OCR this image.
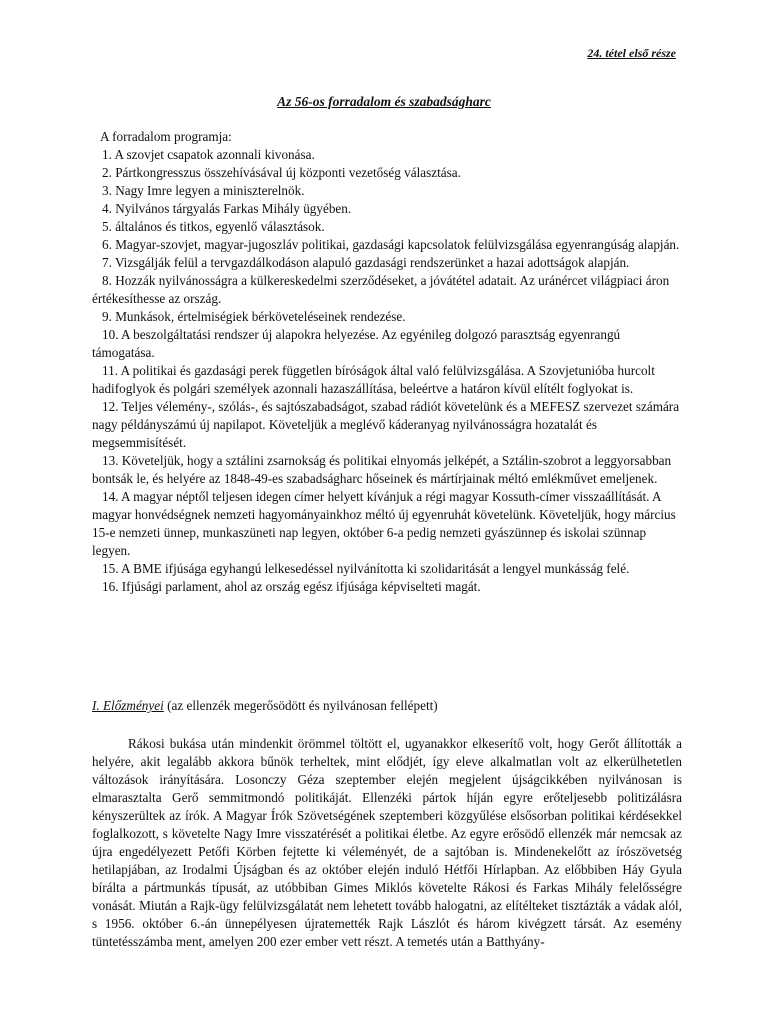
24. tétel első része
Az 56-os forradalom és szabadságharc
A forradalom programja:
1. A szovjet csapatok azonnali kivonása.
2. Pártkongresszus összehívásával új központi vezetőség választása.
3. Nagy Imre legyen a miniszterelnök.
4. Nyilvános tárgyalás Farkas Mihály ügyében.
5. általános és titkos, egyenlő választások.
6. Magyar-szovjet, magyar-jugoszláv politikai, gazdasági kapcsolatok felülvizsgálása egyenrangúság alapján.
7. Vizsgálják felül a tervgazdálkodáson alapuló gazdasági rendszerünket a hazai adottságok alapján.
8. Hozzák nyilvánosságra a külkereskedelmi szerződéseket, a jóvátétel adatait. Az uránércet világpiaci áron értékesíthesse az ország.
9. Munkások, értelmiségiek bérköveteléseinek rendezése.
10. A beszolgáltatási rendszer új alapokra helyezése. Az egyénileg dolgozó parasztság egyenrangú támogatása.
11. A politikai és gazdasági perek független bíróságok által való felülvizsgálása. A Szovjetunióba hurcolt hadifoglyok és polgári személyek azonnali hazaszállítása, beleértve a határon kívül elítélt foglyokat is.
12. Teljes vélemény-, szólás-, és sajtószabadságot, szabad rádiót követelünk és a MEFESZ szervezet számára nagy példányszámú új napilapot. Követeljük a meglévő káderanyag nyilvánosságra hozatalát és megsemmisítését.
13. Követeljük, hogy a sztálini zsarnokság és politikai elnyomás jelképét, a Sztálin-szobrot a leggyorsabban bontsák le, és helyére az 1848-49-es szabadságharc hőseinek és mártírjainak méltó emlékművet emeljenek.
14. A magyar néptől teljesen idegen címer helyett kívánjuk a régi magyar Kossuth-címer visszaállítását. A magyar honvédségnek nemzeti hagyományainkhoz méltó új egyenruhát követelünk. Követeljük, hogy március 15-e nemzeti ünnep, munkaszüneti nap legyen, október 6-a pedig nemzeti gyászünnep és iskolai szünnap legyen.
15. A BME ifjúsága egyhangú lelkesedéssel nyilvánította ki szolidaritását a lengyel munkásság felé.
16. Ifjúsági parlament, ahol az ország egész ifjúsága képviselteti magát.
I. Előzményei (az ellenzék megerősödött és nyilvánosan fellépett)

Rákosi bukása után mindenkit örömmel töltött el, ugyanakkor elkeserítő volt, hogy Gerőt állították a helyére, akit legalább akkora bűnök terheltek, mint elődjét, így eleve alkalmatlan volt az elkerülhetetlen változások irányítására. Losonczy Géza szeptember elején megjelent újságcikkében nyilvánosan is elmarasztalta Gerő semmitmondó politikáját. Ellenzéki pártok híján egyre erőteljesebb politizálásra kényszerültek az írók. A Magyar Írók Szövetségének szeptemberi közgyűlése elsősorban politikai kérdésekkel foglalkozott, s követelte Nagy Imre visszatérését a politikai életbe. Az egyre erősödő ellenzék már nemcsak az újra engedélyezett Petőfi Körben fejtette ki véleményét, de a sajtóban is. Mindenekelőtt az írószövetség hetilapjában, az Irodalmi Újságban és az október elején induló Hétfői Hírlapban. Az előbbiben Háy Gyula bírálta a pártmunkás típusát, az utóbbiban Gimes Miklós követelte Rákosi és Farkas Mihály felelősségre vonását. Miután a Rajk-ügy felülvizsgálatát nem lehetett tovább halogatni, az elítélteket tisztázták a vádak alól, s 1956. október 6.-án ünnepélyesen újratemették Rajk Lászlót és három kivégzett társát. Az esemény tüntetésszámba ment, amelyen 200 ezer ember vett részt. A temetés után a Batthyány-
